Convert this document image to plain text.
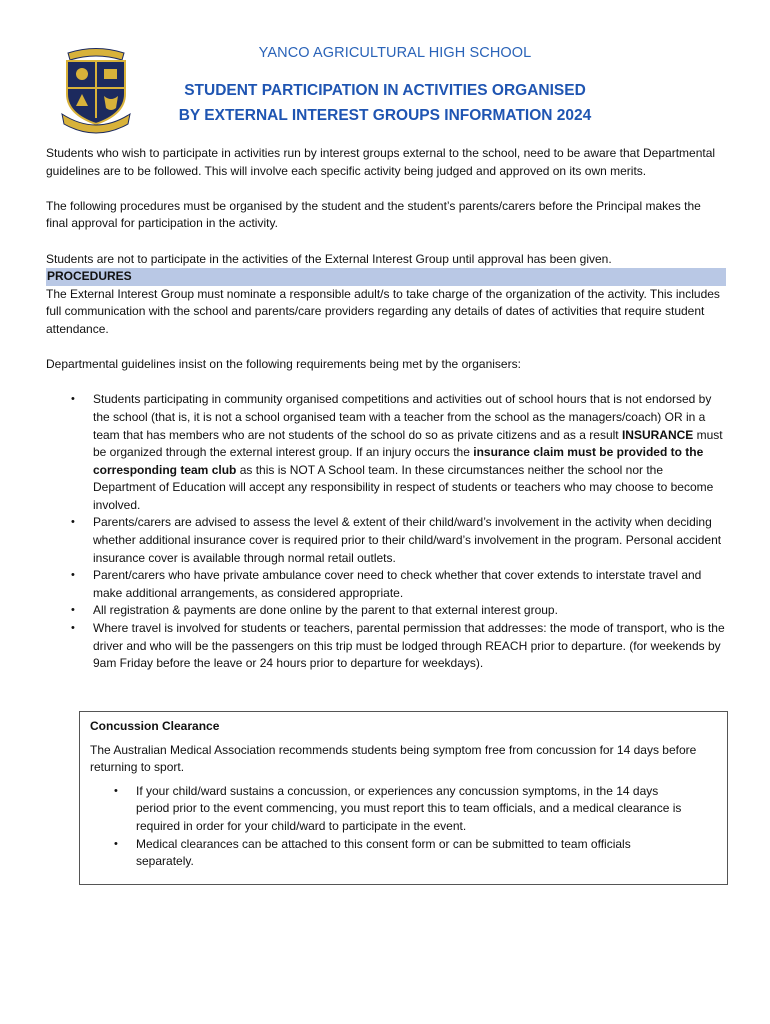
YANCO AGRICULTURAL HIGH SCHOOL
STUDENT PARTICIPATION IN ACTIVITIES ORGANISED
BY EXTERNAL INTEREST GROUPS INFORMATION 2024

Students who wish to participate in activities run by interest groups external to the school, need to be aware that Departmental guidelines are to be followed. This will involve each specific activity being judged and approved on its own merits.

The following procedures must be organised by the student and the student’s parents/carers before the Principal makes the final approval for participation in the activity.

Students are not to participate in the activities of the External Interest Group until approval has been given.

PROCEDURES

The External Interest Group must nominate a responsible adult/s to take charge of the organization of the activity. This includes full communication with the school and parents/care providers regarding any details of dates of activities that require student attendance.

Departmental guidelines insist on the following requirements being met by the organisers:

• Students participating in community organised competitions and activities out of school hours that is not endorsed by the school (that is, it is not a school organised team with a teacher from the school as the managers/coach) OR in a team that has members who are not students of the school do so as private citizens and as a result INSURANCE must be organized through the external interest group. If an injury occurs the insurance claim must be provided to the corresponding team club as this is NOT A School team. In these circumstances neither the school nor the Department of Education will accept any responsibility in respect of students or teachers who may choose to become involved.
• Parents/carers are advised to assess the level & extent of their child/ward’s involvement in the activity when deciding whether additional insurance cover is required prior to their child/ward’s involvement in the program. Personal accident insurance cover is available through normal retail outlets.
• Parent/carers who have private ambulance cover need to check whether that cover extends to interstate travel and make additional arrangements, as considered appropriate.
• All registration & payments are done online by the parent to that external interest group.
• Where travel is involved for students or teachers, parental permission that addresses: the mode of transport, who is the driver and who will be the passengers on this trip must be lodged through REACH prior to departure. (for weekends by 9am Friday before the leave or 24 hours prior to departure for weekdays).
Concussion Clearance

The Australian Medical Association recommends students being symptom free from concussion for 14 days before returning to sport.

• If your child/ward sustains a concussion, or experiences any concussion symptoms, in the 14 days period prior to the event commencing, you must report this to team officials, and a medical clearance is required in order for your child/ward to participate in the event.
• Medical clearances can be attached to this consent form or can be submitted to team officials separately.
